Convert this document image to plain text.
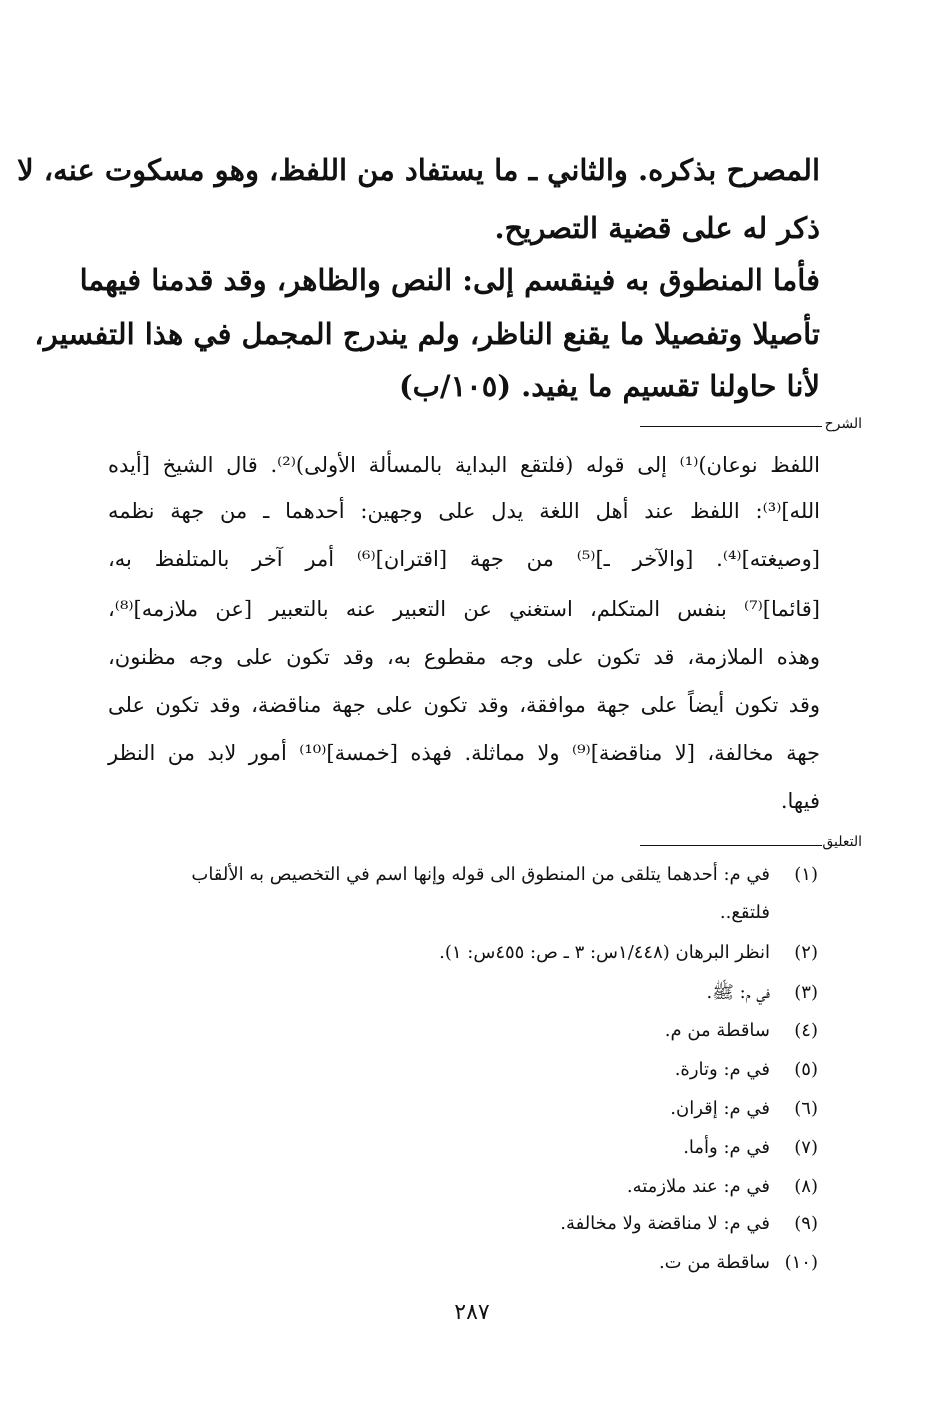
المصرح بذكره. والثاني ـ ما يستفاد من اللفظ، وهو مسكوت عنه، لا
ذكر له على قضية التصريح.
فأما المنطوق به فينقسم إلى: النص والظاهر، وقد قدمنا فيهما
تأصيلا وتفصيلا ما يقنع الناظر، ولم يندرج المجمل في هذا التفسير،
لأنا حاولنا تقسيم ما يفيد. (١٠٥/ب)
الشرح
اللفظ نوعان)⁽¹⁾ إلى قوله (فلتقع البداية بالمسألة الأولى)⁽²⁾. قال الشيخ [أيده
الله]⁽³⁾: اللفظ عند أهل اللغة يدل على وجهين: أحدهما ـ من جهة نظمه
[وصيغته]⁽⁴⁾. [والآخر ـ]⁽⁵⁾ من جهة [اقتران]⁽⁶⁾ أمر آخر بالمتلفظ به،
[قائما]⁽⁷⁾ بنفس المتكلم، استغني عن التعبير عنه بالتعبير [عن ملازمه]⁽⁸⁾،
وهذه الملازمة، قد تكون على وجه مقطوع به، وقد تكون على وجه مظنون،
وقد تكون أيضاً على جهة موافقة، وقد تكون على جهة مناقضة، وقد تكون على
جهة مخالفة، [لا مناقضة]⁽⁹⁾ ولا مماثلة. فهذه [خمسة]⁽¹⁰⁾ أمور لابد من النظر
فيها.
التعليق
(١)
في م: أحدهما يتلقى من المنطوق الى قوله وإنها اسم في التخصيص به الألقاب
فلتقع..
(٢)
انظر البرهان (١/٤٤٨س: ٣ ـ ص: ٤٥٥س: ١).
(٣)
في م: ﷺ.
(٤)
ساقطة من م.
(٥)
في م: وتارة.
(٦)
في م: إقران.
(٧)
في م: وأما.
(٨)
في م: عند ملازمته.
(٩)
في م: لا مناقضة ولا مخالفة.
(١٠)
ساقطة من ت.
٢٨٧
